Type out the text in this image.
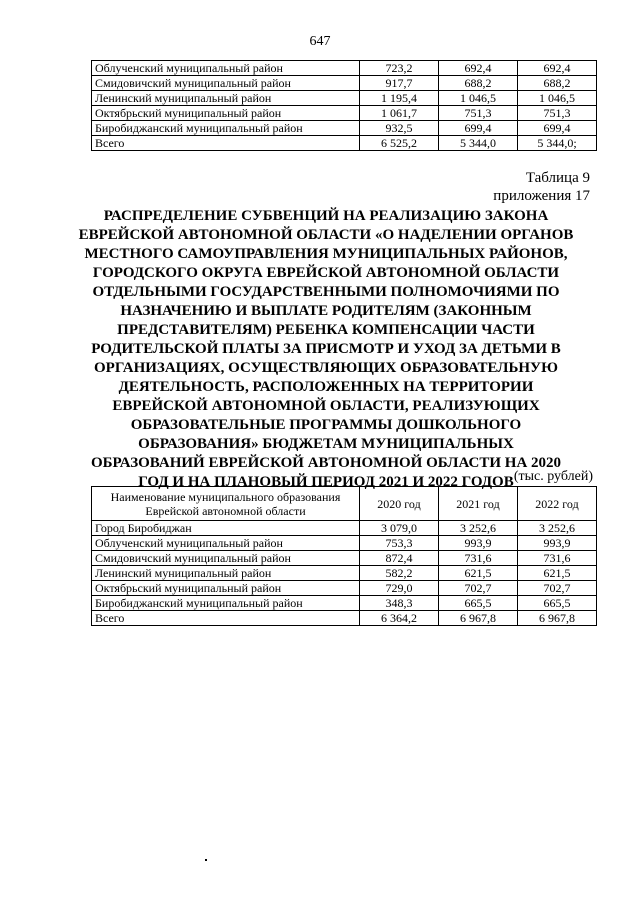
647
Облученский муниципальный район	723,2	692,4	692,4
Смидовичский муниципальный район	917,7	688,2	688,2
Ленинский муниципальный район	1 195,4	1 046,5	1 046,5
Октябрьский муниципальный район	1 061,7	751,3	751,3
Биробиджанский муниципальный район	932,5	699,4	699,4
Всего	6 525,2	5 344,0	5 344,0;
Таблица 9
приложения 17
РАСПРЕДЕЛЕНИЕ СУБВЕНЦИЙ НА РЕАЛИЗАЦИЮ ЗАКОНА
ЕВРЕЙСКОЙ АВТОНОМНОЙ ОБЛАСТИ «О НАДЕЛЕНИИ ОРГАНОВ
МЕСТНОГО САМОУПРАВЛЕНИЯ МУНИЦИПАЛЬНЫХ РАЙОНОВ,
ГОРОДСКОГО ОКРУГА ЕВРЕЙСКОЙ АВТОНОМНОЙ ОБЛАСТИ
ОТДЕЛЬНЫМИ ГОСУДАРСТВЕННЫМИ ПОЛНОМОЧИЯМИ ПО
НАЗНАЧЕНИЮ И ВЫПЛАТЕ РОДИТЕЛЯМ (ЗАКОННЫМ
ПРЕДСТАВИТЕЛЯМ) РЕБЕНКА КОМПЕНСАЦИИ ЧАСТИ
РОДИТЕЛЬСКОЙ ПЛАТЫ ЗА ПРИСМОТР И УХОД ЗА ДЕТЬМИ В
ОРГАНИЗАЦИЯХ, ОСУЩЕСТВЛЯЮЩИХ ОБРАЗОВАТЕЛЬНУЮ
ДЕЯТЕЛЬНОСТЬ, РАСПОЛОЖЕННЫХ НА ТЕРРИТОРИИ
ЕВРЕЙСКОЙ АВТОНОМНОЙ ОБЛАСТИ, РЕАЛИЗУЮЩИХ
ОБРАЗОВАТЕЛЬНЫЕ ПРОГРАММЫ ДОШКОЛЬНОГО
ОБРАЗОВАНИЯ» БЮДЖЕТАМ МУНИЦИПАЛЬНЫХ
ОБРАЗОВАНИЙ ЕВРЕЙСКОЙ АВТОНОМНОЙ ОБЛАСТИ НА 2020
ГОД И НА ПЛАНОВЫЙ ПЕРИОД 2021 И 2022 ГОДОВ (тыс. рублей)
Наименование муниципального образования
Еврейской автономной области	2020 год	2021 год	2022 год
Город Биробиджан	3 079,0	3 252,6	3 252,6
Облученский муниципальный район	753,3	993,9	993,9
Смидовичский муниципальный район	872,4	731,6	731,6
Ленинский муниципальный район	582,2	621,5	621,5
Октябрьский муниципальный район	729,0	702,7	702,7
Биробиджанский муниципальный район	348,3	665,5	665,5
Всего	6 364,2	6 967,8	6 967,8
